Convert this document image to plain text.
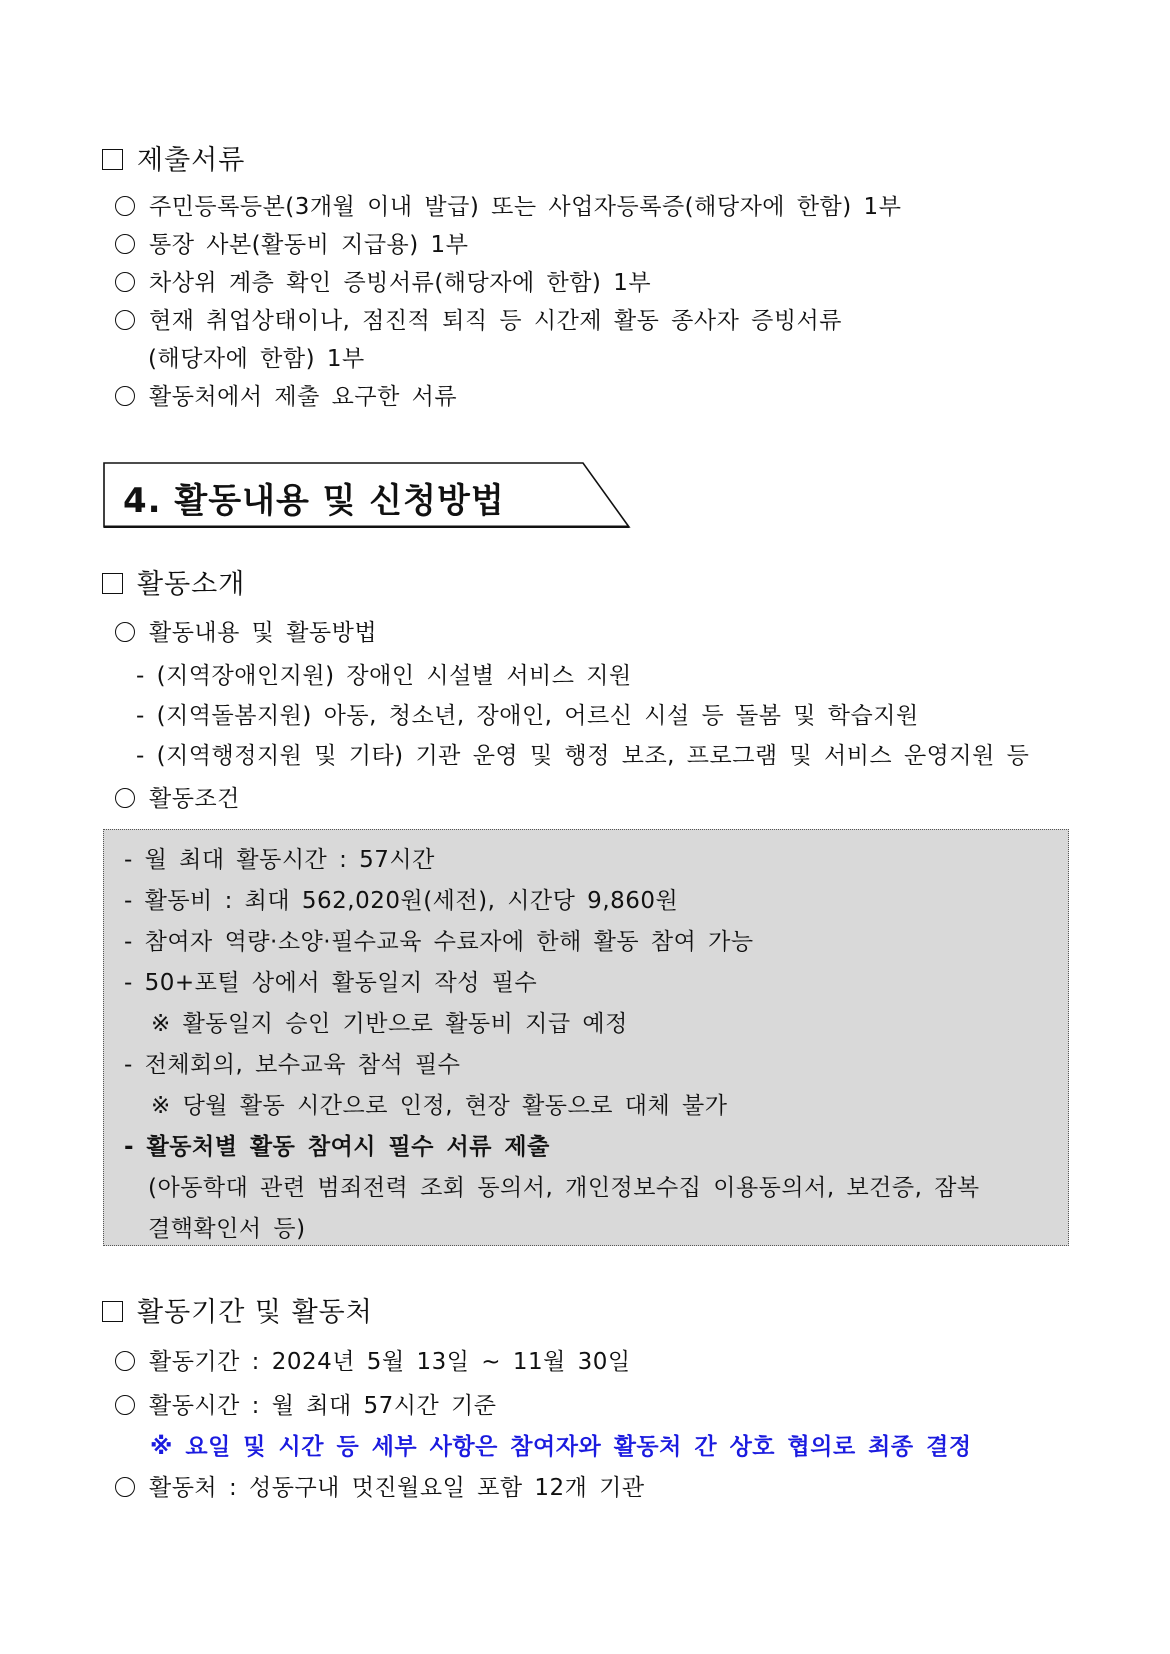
제출서류
주민등록등본(3개월 이내 발급) 또는 사업자등록증(해당자에 한함) 1부
통장 사본(활동비 지급용) 1부
차상위 계층 확인 증빙서류(해당자에 한함) 1부
현재 취업상태이나, 점진적 퇴직 등 시간제 활동 종사자 증빙서류
(해당자에 한함) 1부
활동처에서 제출 요구한 서류
4. 활동내용 및 신청방법
활동소개
활동내용 및 활동방법
- (지역장애인지원) 장애인 시설별 서비스 지원
- (지역돌봄지원) 아동, 청소년, 장애인, 어르신 시설 등 돌봄 및 학습지원
- (지역행정지원 및 기타) 기관 운영 및 행정 보조, 프로그램 및 서비스 운영지원 등
활동조건
- 월 최대 활동시간 : 57시간
- 활동비 : 최대 562,020원(세전), 시간당 9,860원
- 참여자 역량·소양·필수교육 수료자에 한해 활동 참여 가능
- 50+포털 상에서 활동일지 작성 필수
※ 활동일지 승인 기반으로 활동비 지급 예정
- 전체회의, 보수교육 참석 필수
※ 당월 활동 시간으로 인정, 현장 활동으로 대체 불가
- 활동처별 활동 참여시 필수 서류 제출
(아동학대 관련 범죄전력 조회 동의서, 개인정보수집 이용동의서, 보건증, 잠복
결핵확인서 등)
활동기간 및 활동처
활동기간 : 2024년 5월 13일 ~ 11월 30일
활동시간 : 월 최대 57시간 기준
※ 요일 및 시간 등 세부 사항은 참여자와 활동처 간 상호 협의로 최종 결정
활동처 : 성동구내 멋진월요일 포함 12개 기관
